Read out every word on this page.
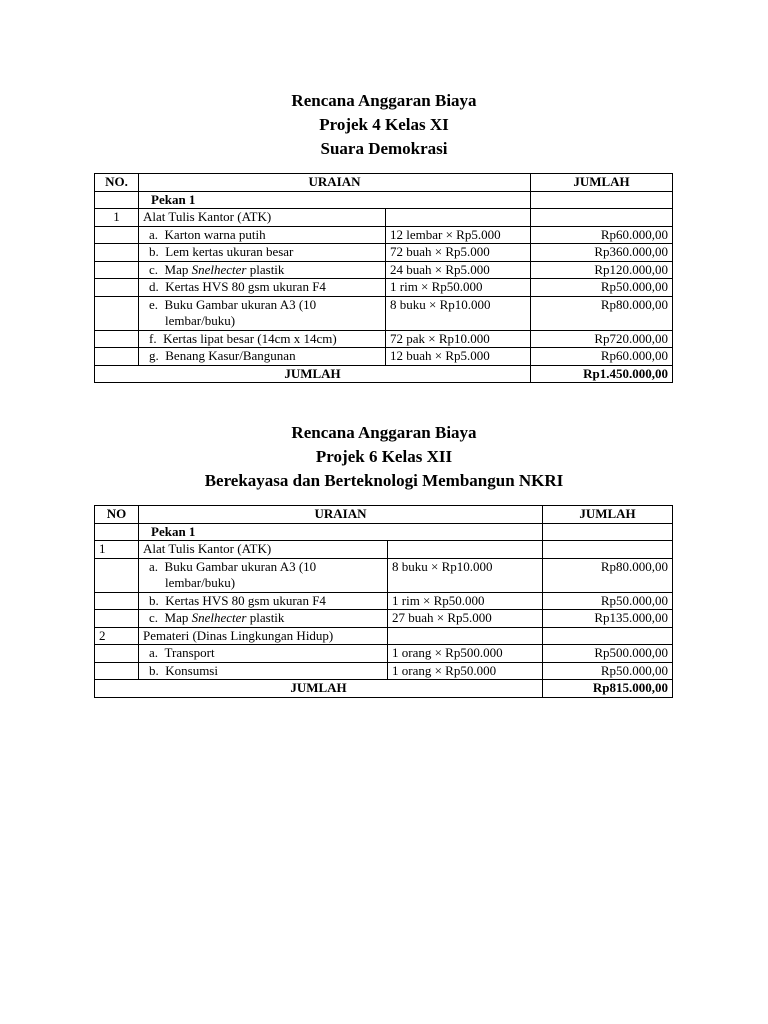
Rencana Anggaran Biaya
Projek 4 Kelas XI
Suara Demokrasi
NO.	URAIAN		JUMLAH
	Pekan 1		
1	Alat Tulis Kantor (ATK)		

	a. Karton warna putih	12 lembar × Rp5.000	Rp60.000,00

	b. Lem kertas ukuran besar	72 buah × Rp5.000	Rp360.000,00

	c. Map Snelhecter plastik	24 buah × Rp5.000	Rp120.000,00

	d. Kertas HVS 80 gsm ukuran F4	1 rim × Rp50.000	Rp50.000,00

	e. Buku Gambar ukuran A3 (10 lembar/buku)	8 buku × Rp10.000	Rp80.000,00

	f. Kertas lipat besar (14cm x 14cm)	72 pak × Rp10.000	Rp720.000,00

	g. Benang Kasur/Bangunan	12 buah × Rp5.000	Rp60.000,00
JUMLAH			Rp1.450.000,00
Rencana Anggaran Biaya
Projek 6 Kelas XII
Berekayasa dan Berteknologi Membangun NKRI
NO	URAIAN		JUMLAH
	Pekan 1		
1	Alat Tulis Kantor (ATK)		

	a. Buku Gambar ukuran A3 (10 lembar/buku)	8 buku × Rp10.000	Rp80.000,00

	b. Kertas HVS 80 gsm ukuran F4	1 rim × Rp50.000	Rp50.000,00

	c. Map Snelhecter plastik	27 buah × Rp5.000	Rp135.000,00
2	Pemateri (Dinas Lingkungan Hidup)		

	a. Transport	1 orang × Rp500.000	Rp500.000,00

	b. Konsumsi	1 orang × Rp50.000	Rp50.000,00
JUMLAH			Rp815.000,00
